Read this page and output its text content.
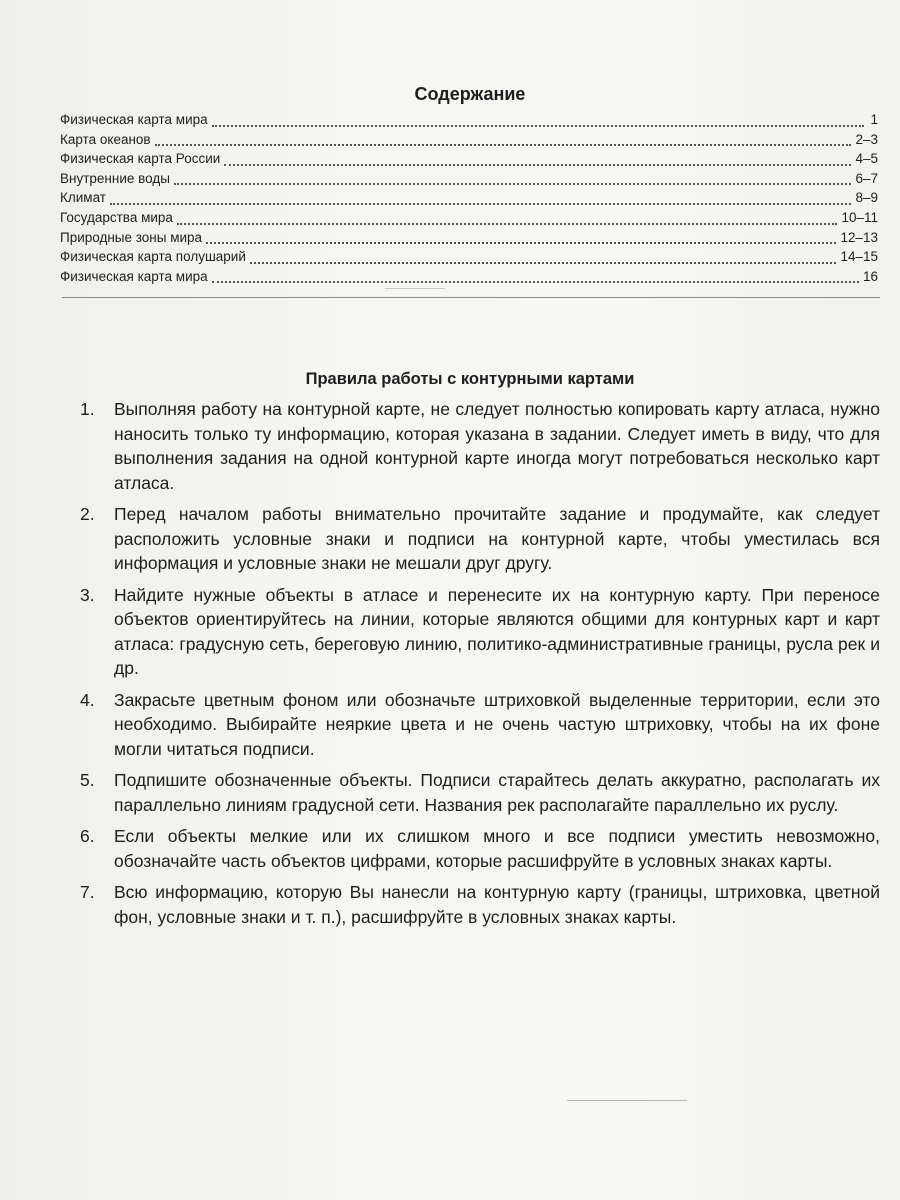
Содержание
Физическая карта мира	1
Карта океанов	2–3
Физическая карта России	4–5
Внутренние воды	6–7
Климат	8–9
Государства мира	10–11
Природные зоны мира	12–13
Физическая карта полушарий	14–15
Физическая карта мира	16
Правила работы с контурными картами
1.	Выполняя работу на контурной карте, не следует полностью копировать карту атласа, нужно наносить только ту информацию, которая указана в задании. Следует иметь в виду, что для выполнения задания на одной контурной карте иногда могут потребоваться несколько карт атласа.
2.	Перед началом работы внимательно прочитайте задание и продумайте, как следует расположить условные знаки и подписи на контурной карте, чтобы уместилась вся информация и условные знаки не мешали друг другу.
3.	Найдите нужные объекты в атласе и перенесите их на контурную карту. При переносе объектов ориентируйтесь на линии, которые являются общими для контурных карт и карт атласа: градусную сеть, береговую линию, политико-административные границы, русла рек и др.
4.	Закрасьте цветным фоном или обозначьте штриховкой выделенные территории, если это необходимо. Выбирайте неяркие цвета и не очень частую штриховку, чтобы на их фоне могли читаться подписи.
5.	Подпишите обозначенные объекты. Подписи старайтесь делать аккуратно, располагать их параллельно линиям градусной сети. Названия рек располагайте параллельно их руслу.
6.	Если объекты мелкие или их слишком много и все подписи уместить невозможно, обозначайте часть объектов цифрами, которые расшифруйте в условных знаках карты.
7.	Всю информацию, которую Вы нанесли на контурную карту (границы, штриховка, цветной фон, условные знаки и т. п.), расшифруйте в условных знаках карты.
